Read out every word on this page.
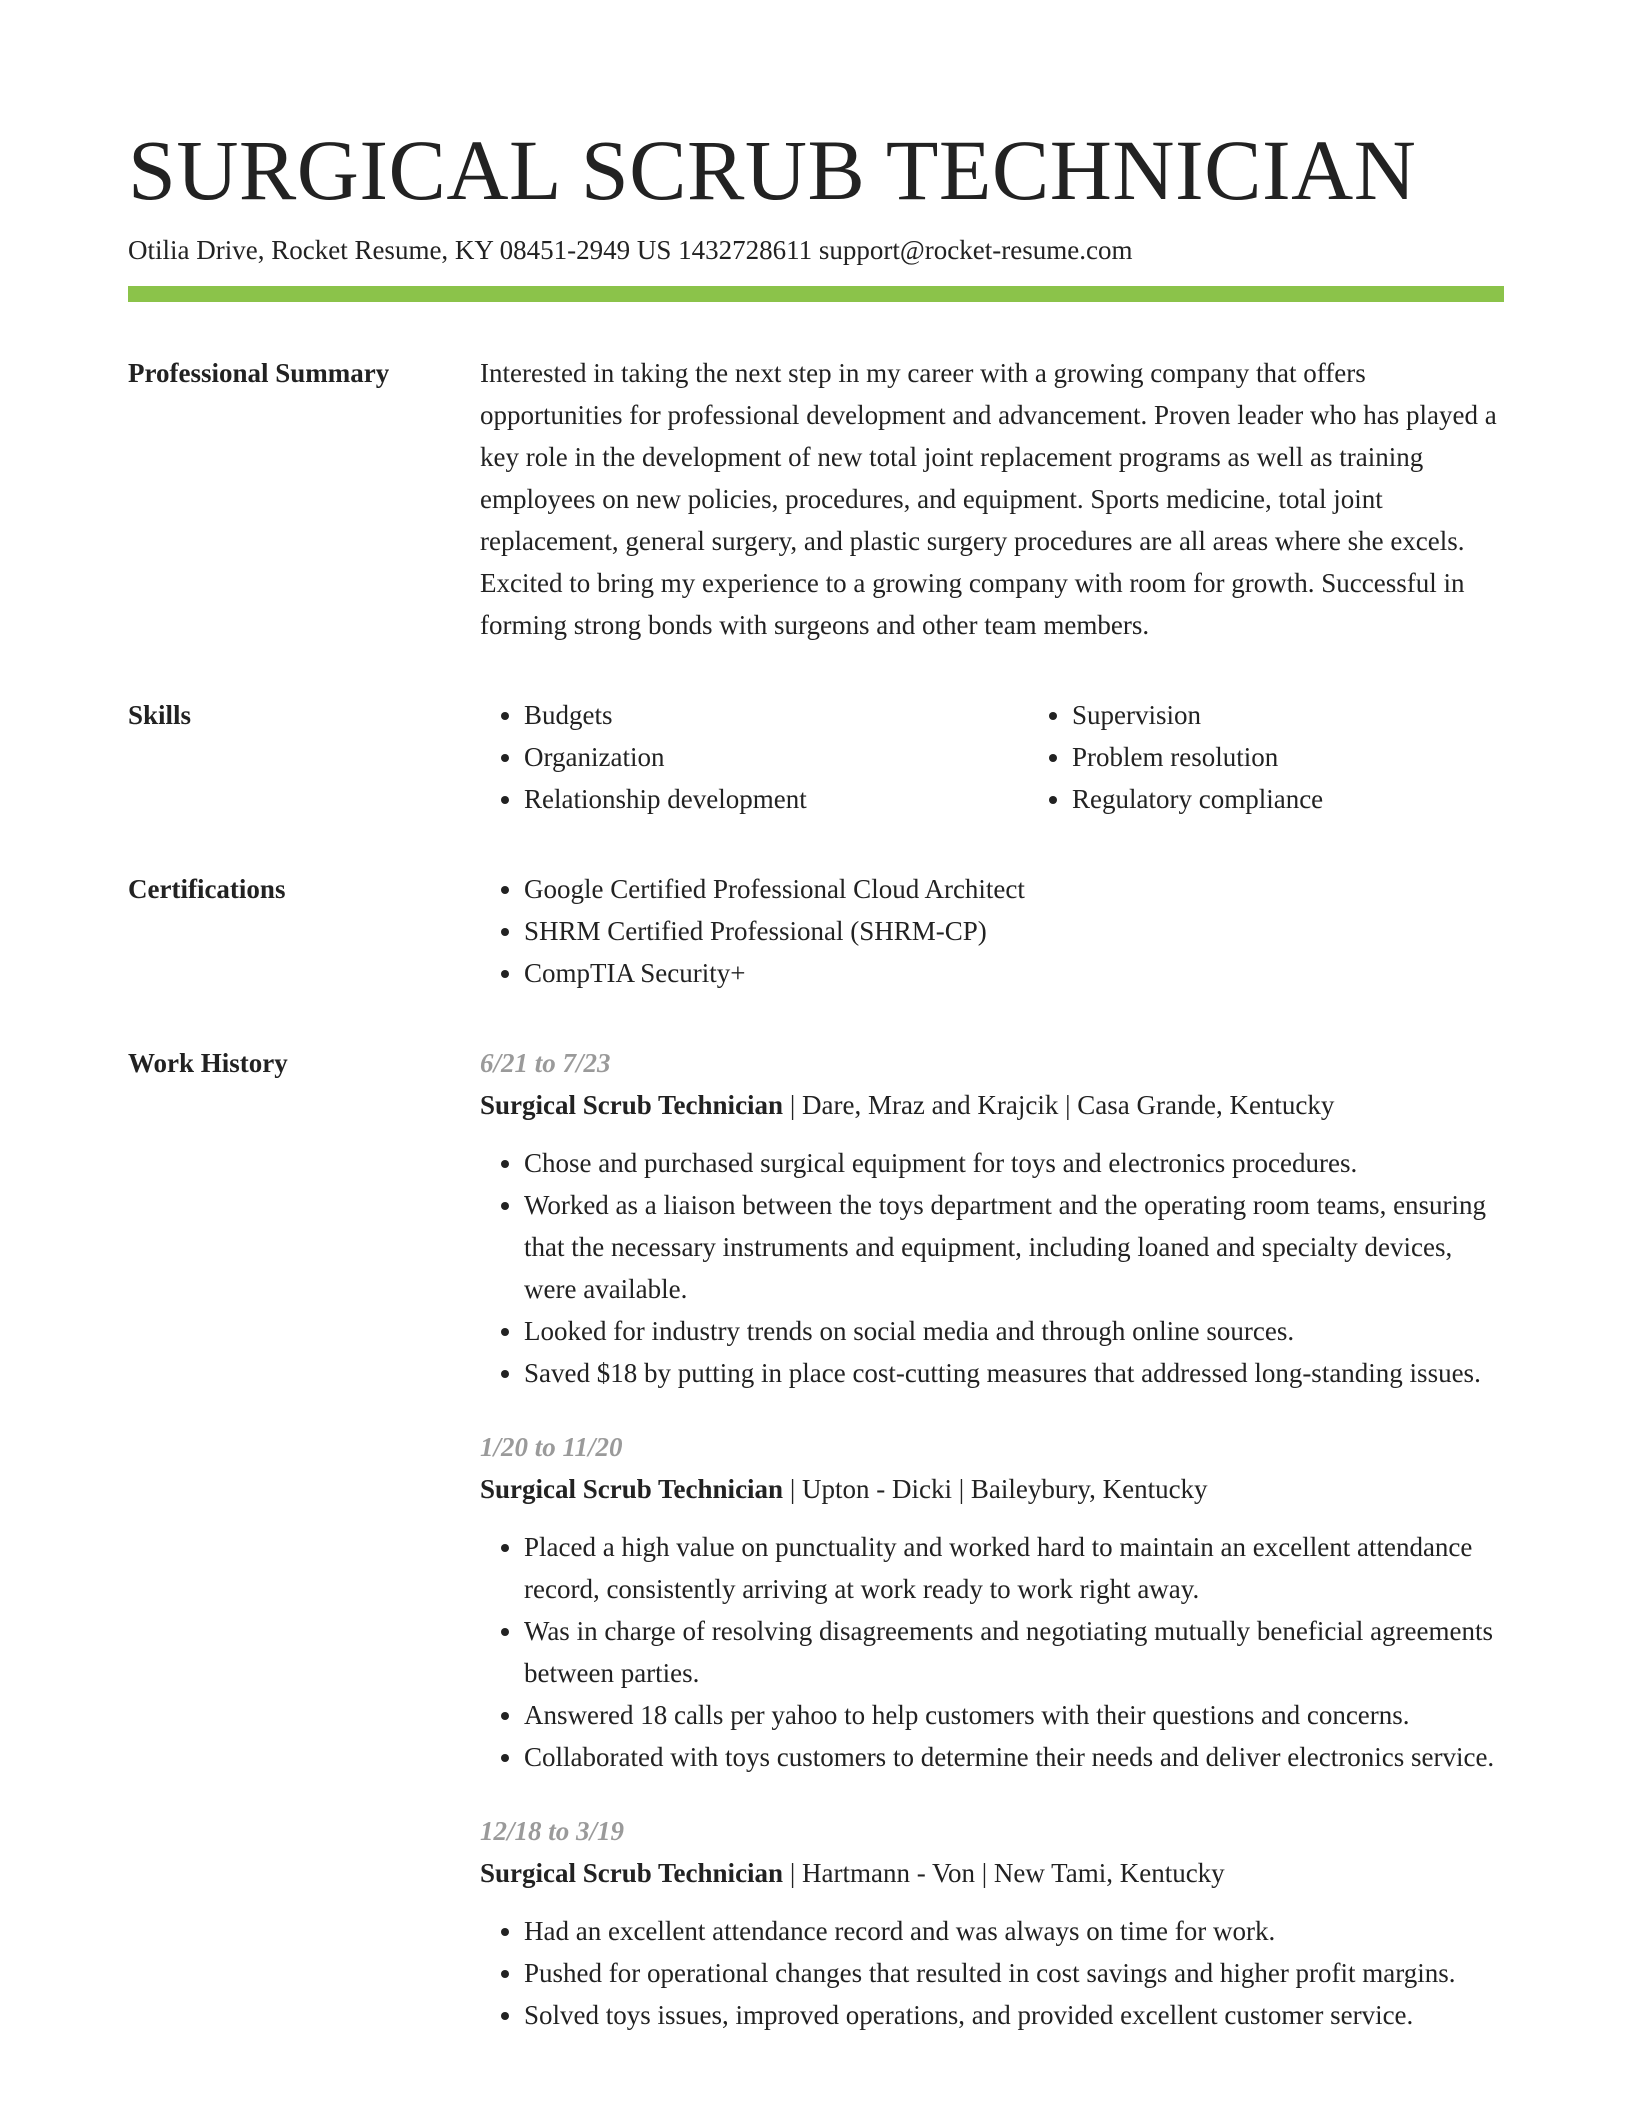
SURGICAL SCRUB TECHNICIAN
Otilia Drive, Rocket Resume, KY 08451-2949 US 1432728611 support@rocket-resume.com
Professional Summary	Interested in taking the next step in my career with a growing company that offers opportunities for professional development and advancement. Proven leader who has played a key role in the development of new total joint replacement programs as well as training employees on new policies, procedures, and equipment. Sports medicine, total joint replacement, general surgery, and plastic surgery procedures are all areas where she excels. Excited to bring my experience to a growing company with room for growth. Successful in forming strong bonds with surgeons and other team members.

Skills	• Budgets
• Organization
• Relationship development
• Supervision
• Problem resolution
• Regulatory compliance
Certifications	• Google Certified Professional Cloud Architect
• SHRM Certified Professional (SHRM-CP)
• CompTIA Security+
Work History	6/21 to 7/23
Surgical Scrub Technician | Dare, Mraz and Krajcik | Casa Grande, Kentucky
• Chose and purchased surgical equipment for toys and electronics procedures.
• Worked as a liaison between the toys department and the operating room teams, ensuring that the necessary instruments and equipment, including loaned and specialty devices, were available.
• Looked for industry trends on social media and through online sources.
• Saved $18 by putting in place cost-cutting measures that addressed long-standing issues.
1/20 to 11/20
Surgical Scrub Technician | Upton - Dicki | Baileybury, Kentucky
• Placed a high value on punctuality and worked hard to maintain an excellent attendance record, consistently arriving at work ready to work right away.
• Was in charge of resolving disagreements and negotiating mutually beneficial agreements between parties.
• Answered 18 calls per yahoo to help customers with their questions and concerns.
• Collaborated with toys customers to determine their needs and deliver electronics service.
12/18 to 3/19
Surgical Scrub Technician | Hartmann - Von | New Tami, Kentucky
• Had an excellent attendance record and was always on time for work.
• Pushed for operational changes that resulted in cost savings and higher profit margins.
• Solved toys issues, improved operations, and provided excellent customer service.
